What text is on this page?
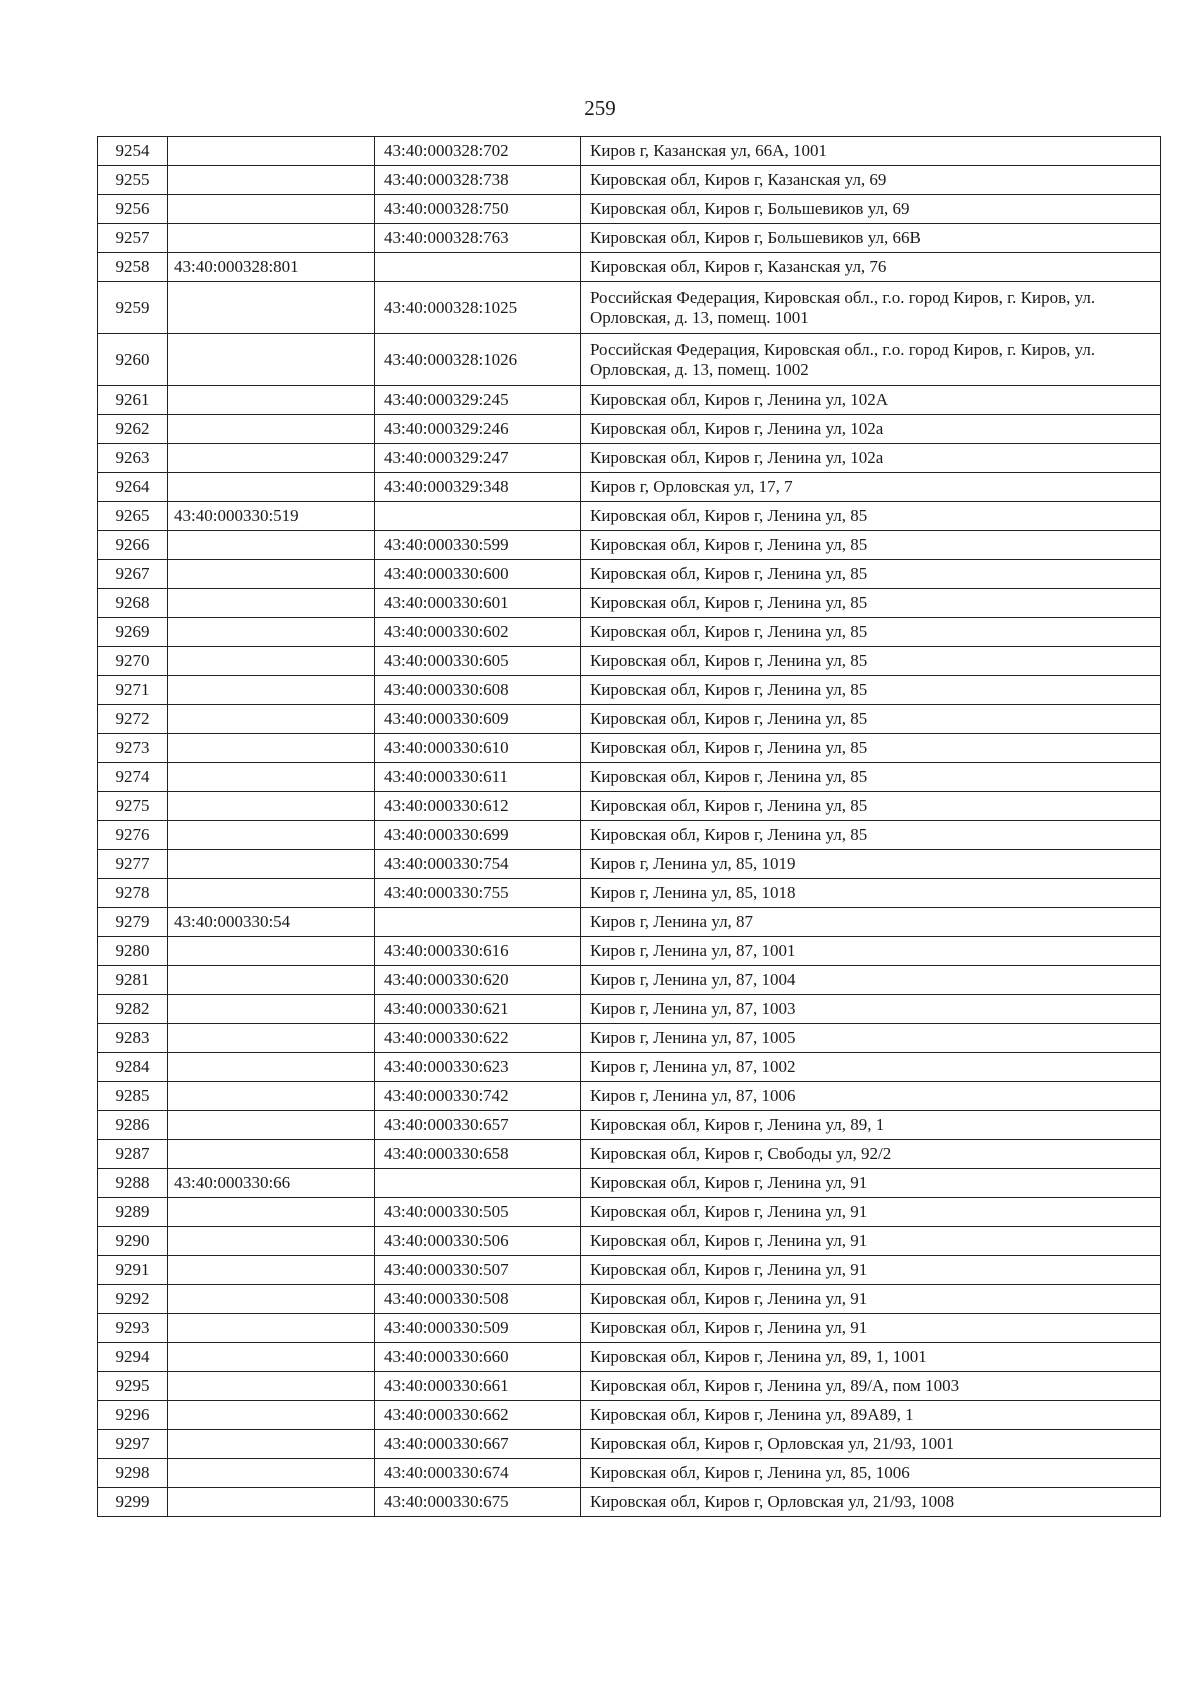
259
9254		43:40:000328:702	Киров г, Казанская ул, 66А, 1001
9255		43:40:000328:738	Кировская обл, Киров г, Казанская ул, 69
9256		43:40:000328:750	Кировская обл, Киров г, Большевиков ул, 69
9257		43:40:000328:763	Кировская обл, Киров г, Большевиков ул, 66В
9258	43:40:000328:801		Кировская обл, Киров г, Казанская ул, 76
9259		43:40:000328:1025	Российская Федерация, Кировская обл., г.о. город Киров, г. Киров, ул. Орловская, д. 13, помещ. 1001
9260		43:40:000328:1026	Российская Федерация, Кировская обл., г.о. город Киров, г. Киров, ул. Орловская, д. 13, помещ. 1002
9261		43:40:000329:245	Кировская обл, Киров г, Ленина ул, 102А
9262		43:40:000329:246	Кировская обл, Киров г, Ленина ул, 102а
9263		43:40:000329:247	Кировская обл, Киров г, Ленина ул, 102а
9264		43:40:000329:348	Киров г, Орловская ул, 17, 7
9265	43:40:000330:519		Кировская обл, Киров г, Ленина ул, 85
9266		43:40:000330:599	Кировская обл, Киров г, Ленина ул, 85
9267		43:40:000330:600	Кировская обл, Киров г, Ленина ул, 85
9268		43:40:000330:601	Кировская обл, Киров г, Ленина ул, 85
9269		43:40:000330:602	Кировская обл, Киров г, Ленина ул, 85
9270		43:40:000330:605	Кировская обл, Киров г, Ленина ул, 85
9271		43:40:000330:608	Кировская обл, Киров г, Ленина ул, 85
9272		43:40:000330:609	Кировская обл, Киров г, Ленина ул, 85
9273		43:40:000330:610	Кировская обл, Киров г, Ленина ул, 85
9274		43:40:000330:611	Кировская обл, Киров г, Ленина ул, 85
9275		43:40:000330:612	Кировская обл, Киров г, Ленина ул, 85
9276		43:40:000330:699	Кировская обл, Киров г, Ленина ул, 85
9277		43:40:000330:754	Киров г, Ленина ул, 85, 1019
9278		43:40:000330:755	Киров г, Ленина ул, 85, 1018
9279	43:40:000330:54		Киров г, Ленина ул, 87
9280		43:40:000330:616	Киров г, Ленина ул, 87, 1001
9281		43:40:000330:620	Киров г, Ленина ул, 87, 1004
9282		43:40:000330:621	Киров г, Ленина ул, 87, 1003
9283		43:40:000330:622	Киров г, Ленина ул, 87, 1005
9284		43:40:000330:623	Киров г, Ленина ул, 87, 1002
9285		43:40:000330:742	Киров г, Ленина ул, 87, 1006
9286		43:40:000330:657	Кировская обл, Киров г, Ленина ул, 89, 1
9287		43:40:000330:658	Кировская обл, Киров г, Свободы ул, 92/2
9288	43:40:000330:66		Кировская обл, Киров г, Ленина ул, 91
9289		43:40:000330:505	Кировская обл, Киров г, Ленина ул, 91
9290		43:40:000330:506	Кировская обл, Киров г, Ленина ул, 91
9291		43:40:000330:507	Кировская обл, Киров г, Ленина ул, 91
9292		43:40:000330:508	Кировская обл, Киров г, Ленина ул, 91
9293		43:40:000330:509	Кировская обл, Киров г, Ленина ул, 91
9294		43:40:000330:660	Кировская обл, Киров г, Ленина ул, 89, 1, 1001
9295		43:40:000330:661	Кировская обл, Киров г, Ленина ул, 89/А, пом 1003
9296		43:40:000330:662	Кировская обл, Киров г, Ленина ул, 89А89, 1
9297		43:40:000330:667	Кировская обл, Киров г, Орловская ул, 21/93, 1001
9298		43:40:000330:674	Кировская обл, Киров г, Ленина ул, 85, 1006
9299		43:40:000330:675	Кировская обл, Киров г, Орловская ул, 21/93, 1008
